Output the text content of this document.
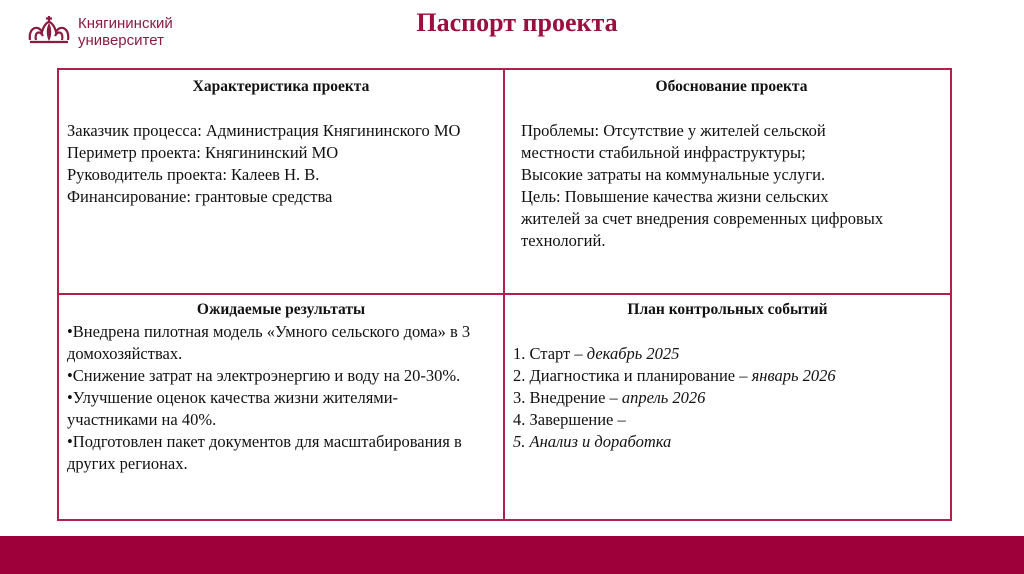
Княгининский
университет
Паспорт проекта
Характеристика проекта
Заказчик процесса: Администрация Княгининского МО
Периметр проекта: Княгининский МО
Руководитель проекта: Калеев Н. В.
Финансирование: грантовые средства
Обоснование проекта
Проблемы: Отсутствие у жителей сельской местности стабильной инфраструктуры;
Высокие затраты на коммунальные услуги.
Цель: Повышение качества жизни сельских жителей за счет внедрения современных цифровых технологий.
Ожидаемые результаты
•Внедрена пилотная модель «Умного сельского дома» в 3 домохозяйствах.
•Снижение затрат на электроэнергию и воду на 20-30%.
•Улучшение оценок качества жизни жителями-участниками на 40%.
•Подготовлен пакет документов для масштабирования в других регионах.
План контрольных событий
1. Старт – декабрь 2025
2. Диагностика и планирование – январь 2026
3. Внедрение – апрель 2026
4. Завершение –
5. Анализ и доработка
